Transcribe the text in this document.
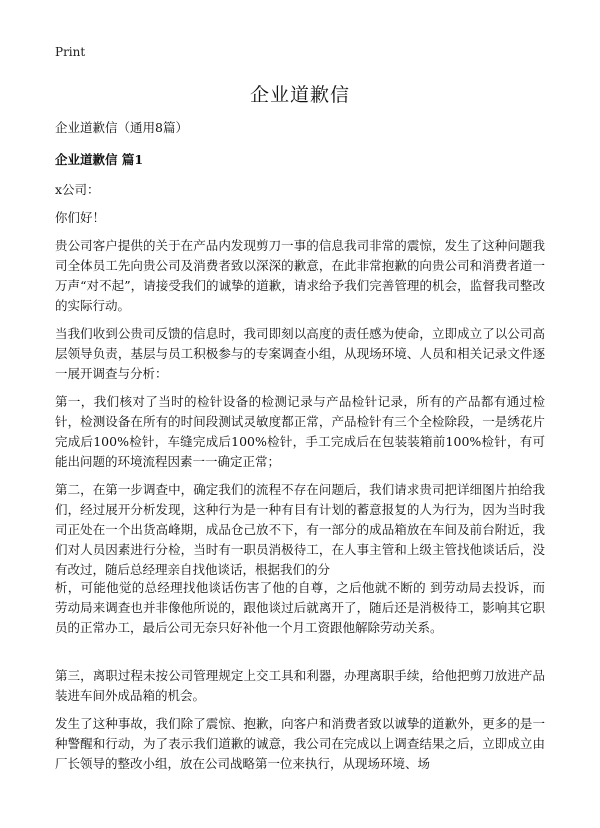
Print
企业道歉信
企业道歉信（通用8篇）
企业道歉信 篇1
x公司：
你们好！
贵公司客户提供的关于在产品内发现剪刀一事的信息我司非常的震惊，发生了这种问题我司全体员工先向贵公司及消费者致以深深的歉意，在此非常抱歉的向贵公司和消费者道一万声“对不起”，请接受我们的诚挚的道歉，请求给予我们完善管理的机会，监督我司整改的实际行动。
当我们收到公贵司反馈的信息时，我司即刻以高度的责任感为使命，立即成立了以公司高层领导负责，基层与员工积极参与的专案调查小组，从现场环境、人员和相关记录文件逐一展开调查与分析：
第一，我们核对了当时的检针设备的检测记录与产品检针记录，所有的产品都有通过检针，检测设备在所有的时间段测试灵敏度都正常，产品检针有三个全检除段，一是绣花片完成后100%检针，车缝完成后100%检针，手工完成后在包装装箱前100%检针，有可能出问题的环境流程因素一一确定正常；
第二，在第一步调查中，确定我们的流程不存在问题后，我们请求贵司把详细图片拍给我们，经过展开分析发现，这种行为是一种有目有计划的蓄意报复的人为行为，因为当时我司正处在一个出货高峰期，成品仓己放不下，有一部分的成品箱放在车间及前台附近，我们对人员因素进行分检，当时有一职员消极待工，在人事主管和上级主管找他谈话后，没有改过，随后总经理亲自找他谈话，根据我们的分
析，可能他觉的总经理找他谈话伤害了他的自尊，之后他就不断的 到劳动局去投诉，而劳动局来调查也并非像他所说的，跟他谈过后就离开了，随后还是消极待工，影响其它职员的正常办工，最后公司无奈只好补他一个月工资跟他解除劳动关系。
第三，离职过程未按公司管理规定上交工具和利器，办理离职手续，给他把剪刀放进产品装进车间外成品箱的机会。
发生了这种事故，我们除了震惊、抱歉，向客户和消费者致以诚挚的道歉外，更多的是一种警醒和行动，为了表示我们道歉的诚意，我公司在完成以上调查结果之后，立即成立由厂长领导的整改小组，放在公司战略第一位来执行，从现场环境、场
